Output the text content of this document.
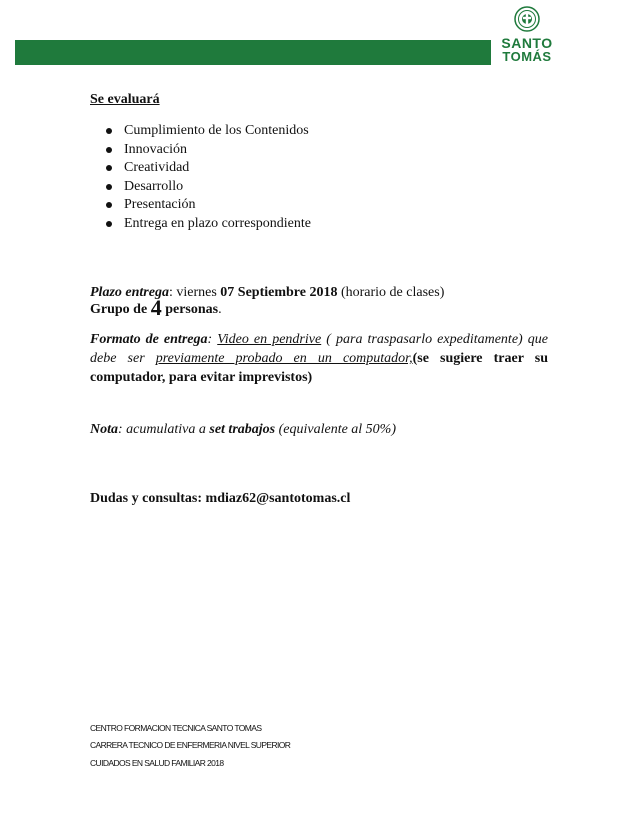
SANTO
TOMÁS
Se evaluará
Cumplimiento de los Contenidos
Innovación
Creatividad
Desarrollo
Presentación
Entrega en plazo correspondiente
Plazo entrega: viernes 07 Septiembre 2018 (horario de clases)
Grupo de 4 personas.
Formato de entrega: Video en pendrive ( para traspasarlo expeditamente) que debe ser previamente probado en un computador,(se sugiere traer su computador, para evitar imprevistos)
Nota: acumulativa a set trabajos (equivalente al 50%)
Dudas y consultas: mdiaz62@santotomas.cl
CENTRO FORMACION TECNICA SANTO TOMAS
CARRERA TECNICO DE ENFERMERIA NIVEL SUPERIOR
CUIDADOS EN SALUD FAMILIAR 2018
